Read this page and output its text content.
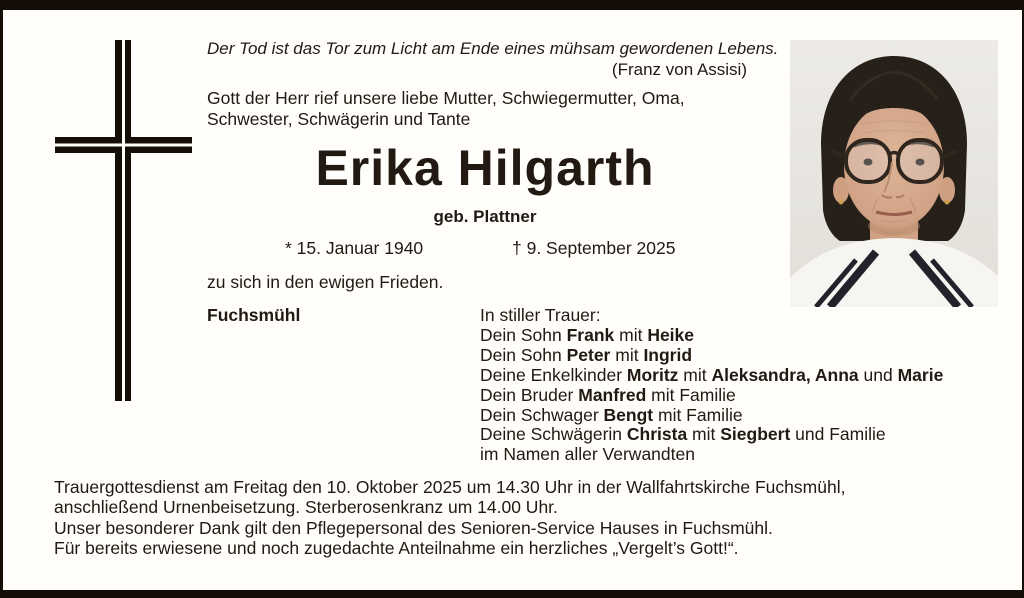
Der Tod ist das Tor zum Licht am Ende eines mühsam gewordenen Lebens.
(Franz von Assisi)
Gott der Herr rief unsere liebe Mutter, Schwiegermutter, Oma,
Schwester, Schwägerin und Tante
Erika Hilgarth
geb. Plattner
* 15. Januar 1940	† 9. September 2025
zu sich in den ewigen Frieden.
Fuchsmühl	In stiller Trauer:
Dein Sohn Frank mit Heike
Dein Sohn Peter mit Ingrid
Deine Enkelkinder Moritz mit Aleksandra, Anna und Marie
Dein Bruder Manfred mit Familie
Dein Schwager Bengt mit Familie
Deine Schwägerin Christa mit Siegbert und Familie
im Namen aller Verwandten
Trauergottesdienst am Freitag den 10. Oktober 2025 um 14.30 Uhr in der Wallfahrtskirche Fuchsmühl,
anschließend Urnenbeisetzung. Sterberosenkranz um 14.00 Uhr.
Unser besonderer Dank gilt den Pflegepersonal des Senioren-Service Hauses in Fuchsmühl.
Für bereits erwiesene und noch zugedachte Anteilnahme ein herzliches „Vergelt’s Gott!“.
